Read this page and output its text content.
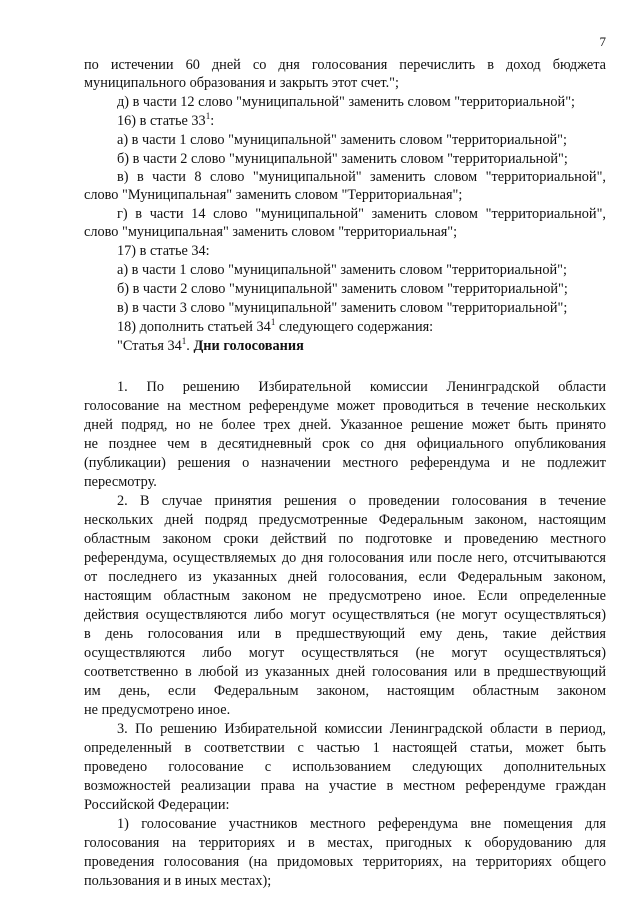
7
по истечении 60 дней со дня голосования перечислить в доход бюджета
муниципального образования и закрыть этот счет.";
д) в части 12 слово "муниципальной" заменить словом "территориальной";
16) в статье $33^1$:
а) в части 1 слово "муниципальной" заменить словом "территориальной";
б) в части 2 слово "муниципальной" заменить словом "территориальной";
в) в части 8 слово "муниципальной" заменить словом "территориальной",
слово "Муниципальная" заменить словом "Территориальная";
г) в части 14 слово "муниципальной" заменить словом "территориальной",
слово "муниципальная" заменить словом "территориальная";
17) в статье 34:
а) в части 1 слово "муниципальной" заменить словом "территориальной";
б) в части 2 слово "муниципальной" заменить словом "территориальной";
в) в части 3 слово "муниципальной" заменить словом "территориальной";
18) дополнить статьей $34^1$ следующего содержания:
"Статья $34^1$. Дни голосования
1. По решению Избирательной комиссии Ленинградской области
голосование на местном референдуме может проводиться в течение нескольких
дней подряд, но не более трех дней. Указанное решение может быть принято
не позднее чем в десятидневный срок со дня официального опубликования
(публикации) решения о назначении местного референдума и не подлежит
пересмотру.
2. В случае принятия решения о проведении голосования в течение
нескольких дней подряд предусмотренные Федеральным законом, настоящим
областным законом сроки действий по подготовке и проведению местного
референдума, осуществляемых до дня голосования или после него, отсчитываются
от последнего из указанных дней голосования, если Федеральным законом,
настоящим областным законом не предусмотрено иное. Если определенные
действия осуществляются либо могут осуществляться (не могут осуществляться)
в день голосования или в предшествующий ему день, такие действия
осуществляются либо могут осуществляться (не могут осуществляться)
соответственно в любой из указанных дней голосования или в предшествующий
им день, если Федеральным законом, настоящим областным законом
не предусмотрено иное.
3. По решению Избирательной комиссии Ленинградской области в период,
определенный в соответствии с частью 1 настоящей статьи, может быть
проведено голосование с использованием следующих дополнительных
возможностей реализации права на участие в местном референдуме граждан
Российской Федерации:
1) голосование участников местного референдума вне помещения для
голосования на территориях и в местах, пригодных к оборудованию для
проведения голосования (на придомовых территориях, на территориях общего
пользования и в иных местах);
